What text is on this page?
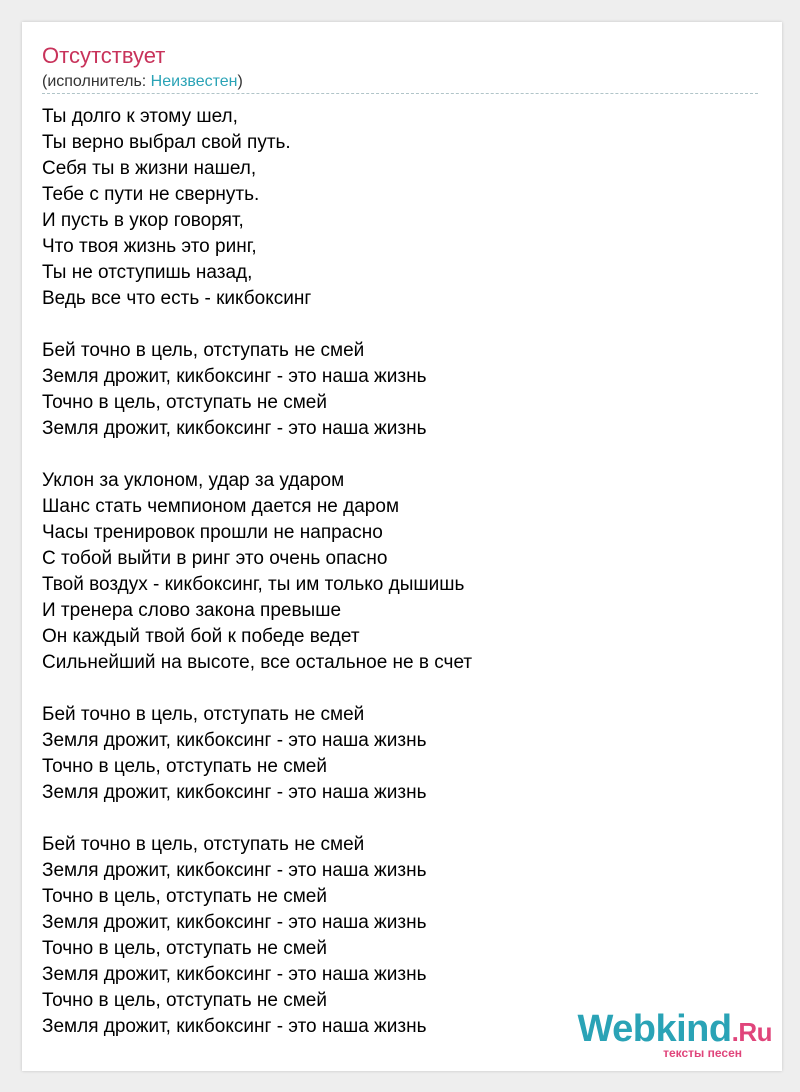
Отсутствует
(исполнитель: Неизвестен)
Ты долго к этому шел,
Ты верно выбрал свой путь.
Себя ты в жизни нашел,
Тебе с пути не свернуть.
И пусть в укор говорят,
Что твоя жизнь это ринг,
Ты не отступишь назад,
Ведь все что есть - кикбоксинг
Бей точно в цель, отступать не смей
Земля дрожит, кикбоксинг - это наша жизнь
Точно в цель, отступать не смей
Земля дрожит, кикбоксинг - это наша жизнь
Уклон за уклоном, удар за ударом
Шанс стать чемпионом дается не даром
Часы тренировок прошли не напрасно
С тобой выйти в ринг это очень опасно
Твой воздух - кикбоксинг, ты им только дышишь
И тренера слово закона превыше
Он каждый твой бой к победе ведет
Сильнейший на высоте, все остальное не в счет
Бей точно в цель, отступать не смей
Земля дрожит, кикбоксинг - это наша жизнь
Точно в цель, отступать не смей
Земля дрожит, кикбоксинг - это наша жизнь
Бей точно в цель, отступать не смей
Земля дрожит, кикбоксинг - это наша жизнь
Точно в цель, отступать не смей
Земля дрожит, кикбоксинг - это наша жизнь
Точно в цель, отступать не смей
Земля дрожит, кикбоксинг - это наша жизнь
Точно в цель, отступать не смей
Земля дрожит, кикбоксинг - это наша жизнь	Webkind.Ru
тексты песен
